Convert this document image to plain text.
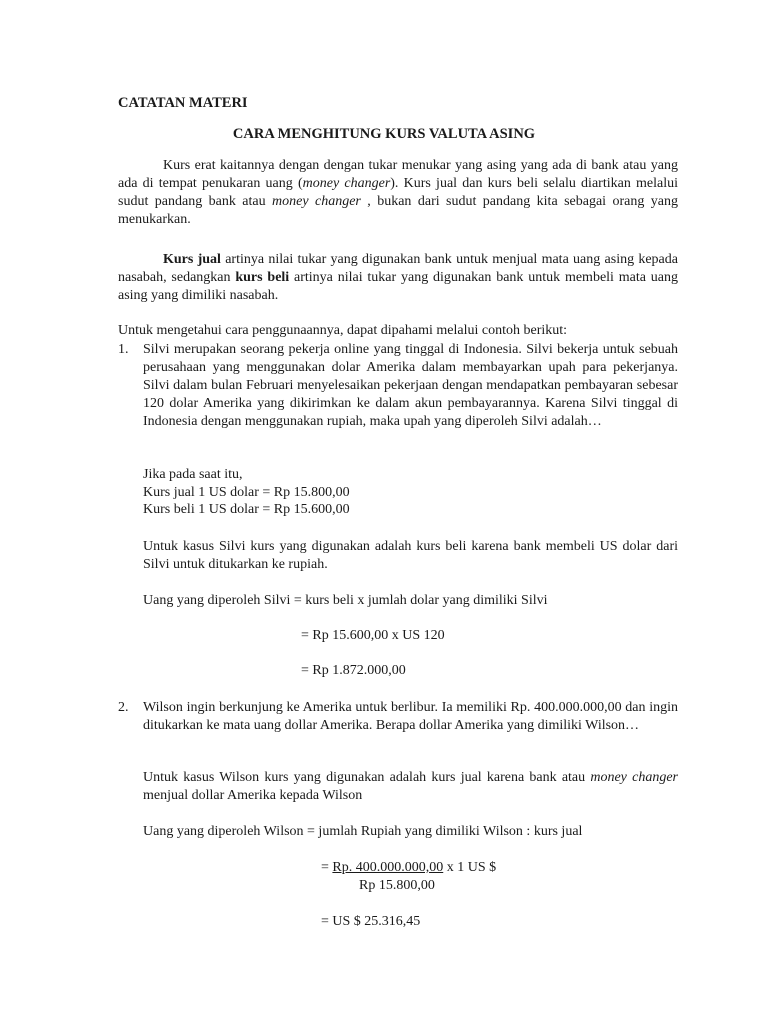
CATATAN MATERI
CARA MENGHITUNG KURS VALUTA ASING

Kurs erat kaitannya dengan dengan tukar menukar yang asing yang ada di bank atau yang ada di tempat penukaran uang (money changer). Kurs jual dan kurs beli selalu diartikan melalui sudut pandang bank atau money changer , bukan dari sudut pandang kita sebagai orang yang menukarkan.

Kurs jual artinya nilai tukar yang digunakan bank untuk menjual mata uang asing kepada nasabah, sedangkan kurs beli artinya nilai tukar yang digunakan bank untuk membeli mata uang asing yang dimiliki nasabah.

Untuk mengetahui cara penggunaannya, dapat dipahami melalui contoh berikut:
1. Silvi merupakan seorang pekerja online yang tinggal di Indonesia. Silvi bekerja untuk sebuah perusahaan yang menggunakan dolar Amerika dalam membayarkan upah para pekerjanya. Silvi dalam bulan Februari menyelesaikan pekerjaan dengan mendapatkan pembayaran sebesar 120 dolar Amerika yang dikirimkan ke dalam akun pembayarannya. Karena Silvi tinggal di Indonesia dengan menggunakan rupiah, maka upah yang diperoleh Silvi adalah…

Jika pada saat itu,
Kurs jual 1 US dolar = Rp 15.800,00
Kurs beli 1 US dolar = Rp 15.600,00

Untuk kasus Silvi kurs yang digunakan adalah kurs beli karena bank membeli US dolar dari Silvi untuk ditukarkan ke rupiah.

Uang yang diperoleh Silvi = kurs beli x jumlah dolar yang dimiliki Silvi
= Rp 15.600,00 x US 120
= Rp 1.872.000,00
2. Wilson ingin berkunjung ke Amerika untuk berlibur. Ia memiliki Rp. 400.000.000,00 dan ingin ditukarkan ke mata uang dollar Amerika. Berapa dollar Amerika yang dimiliki Wilson…

Untuk kasus Wilson kurs yang digunakan adalah kurs jual karena bank atau money changer menjual dollar Amerika kepada Wilson

Uang yang diperoleh Wilson = jumlah Rupiah yang dimiliki Wilson : kurs jual
= Rp. 400.000.000,00 x 1 US $
Rp 15.800,00
= US $ 25.316,45
